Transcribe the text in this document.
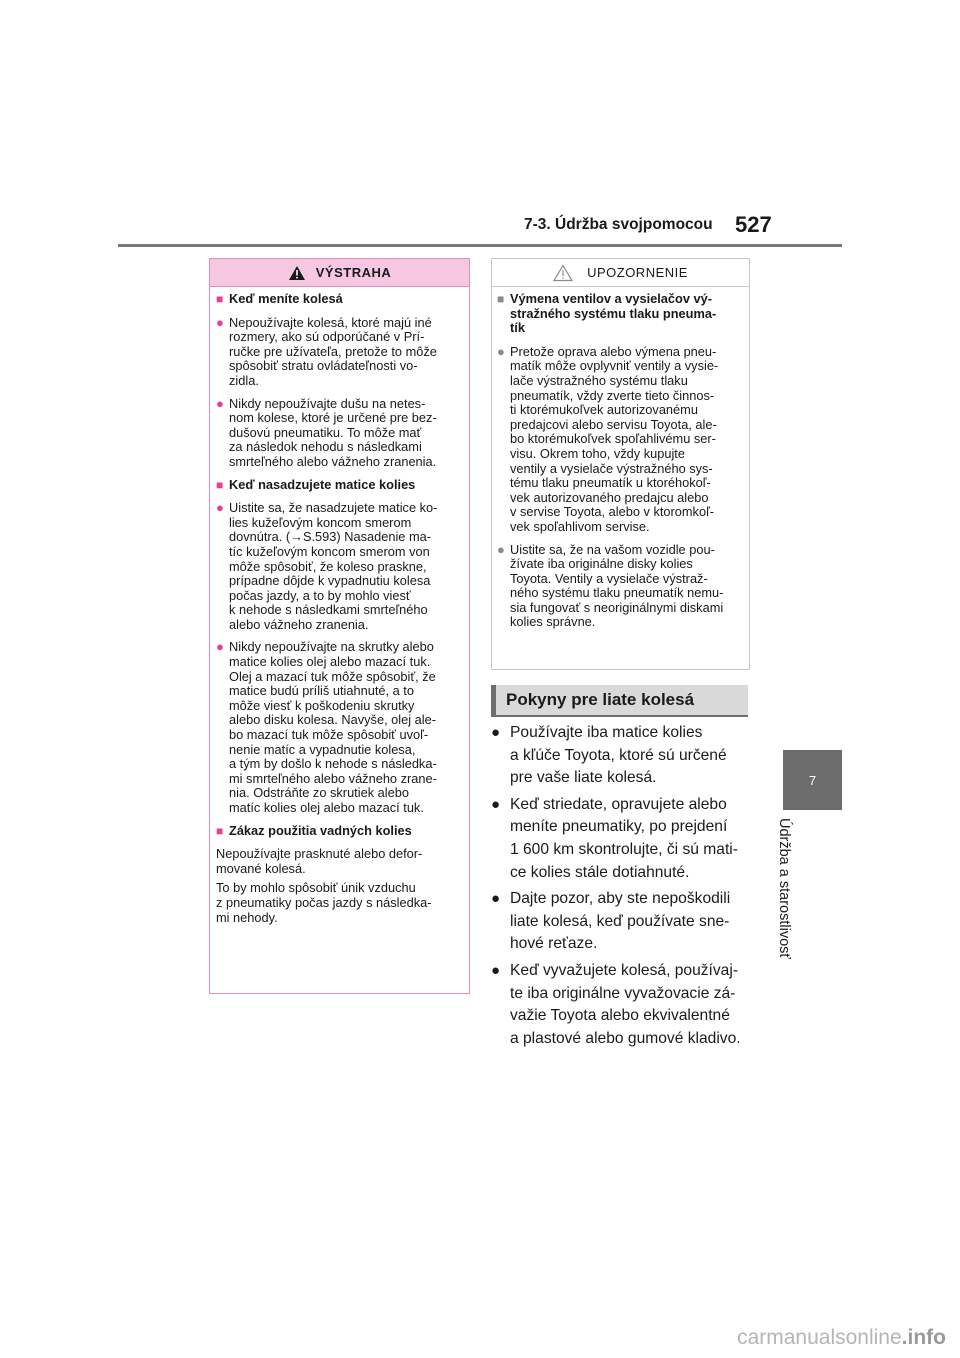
7-3. Údržba svojpomocou 527
7
Údržba a starostlivosť
VÝSTRAHA
■ Keď meníte kolesá
● Nepoužívajte kolesá, ktoré majú iné
rozmery, ako sú odporúčané v Prí-
ručke pre užívateľa, pretože to môže
spôsobiť stratu ovládateľnosti vo-
zidla.
● Nikdy nepoužívajte dušu na netes-
nom kolese, ktoré je určené pre bez-
dušovú pneumatiku. To môže mať
za následok nehodu s následkami
smrteľného alebo vážneho zranenia.
■ Keď nasadzujete matice kolies
● Uistite sa, že nasadzujete matice ko-
lies kužeľovým koncom smerom
dovnútra. (→S.593) Nasadenie ma-
tíc kužeľovým koncom smerom von
môže spôsobiť, že koleso praskne,
prípadne dôjde k vypadnutiu kolesa
počas jazdy, a to by mohlo viesť
k nehode s následkami smrteľného
alebo vážneho zranenia.
● Nikdy nepoužívajte na skrutky alebo
matice kolies olej alebo mazací tuk.
Olej a mazací tuk môže spôsobiť, že
matice budú príliš utiahnuté, a to
môže viesť k poškodeniu skrutky
alebo disku kolesa. Navyše, olej ale-
bo mazací tuk môže spôsobiť uvoľ-
nenie matíc a vypadnutie kolesa,
a tým by došlo k nehode s následka-
mi smrteľného alebo vážneho zrane-
nia. Odstráňte zo skrutiek alebo
matíc kolies olej alebo mazací tuk.
■ Zákaz použitia vadných kolies
Nepoužívajte prasknuté alebo defor-
mované kolesá.
To by mohlo spôsobiť únik vzduchu
z pneumatiky počas jazdy s následka-
mi nehody.
UPOZORNENIE
■ Výmena ventilov a vysielačov vý-
stražného systému tlaku pneuma-
tík
● Pretože oprava alebo výmena pneu-
matík môže ovplyvniť ventily a vysie-
lače výstražného systému tlaku
pneumatík, vždy zverte tieto činnos-
ti ktorémukoľvek autorizovanému
predajcovi alebo servisu Toyota, ale-
bo ktorémukoľvek spoľahlivému ser-
visu. Okrem toho, vždy kupujte
ventily a vysielače výstražného sys-
tému tlaku pneumatík u ktoréhokoľ-
vek autorizovaného predajcu alebo
v servise Toyota, alebo v ktoromkoľ-
vek spoľahlivom servise.
● Uistite sa, že na vašom vozidle pou-
žívate iba originálne disky kolies
Toyota. Ventily a vysielače výstraž-
ného systému tlaku pneumatík nemu-
sia fungovať s neoriginálnymi diskami
kolies správne.
Pokyny pre liate kolesá
● Používajte iba matice kolies
a kľúče Toyota, ktoré sú určené
pre vaše liate kolesá.
● Keď striedate, opravujete alebo
meníte pneumatiky, po prejdení
1 600 km skontrolujte, či sú mati-
ce kolies stále dotiahnuté.
● Dajte pozor, aby ste nepoškodili
liate kolesá, keď používate sne-
hové reťaze.
● Keď vyvažujete kolesá, používaj-
te iba originálne vyvažovacie zá-
važie Toyota alebo ekvivalentné
a plastové alebo gumové kladivo.
carmanualsonline.info
